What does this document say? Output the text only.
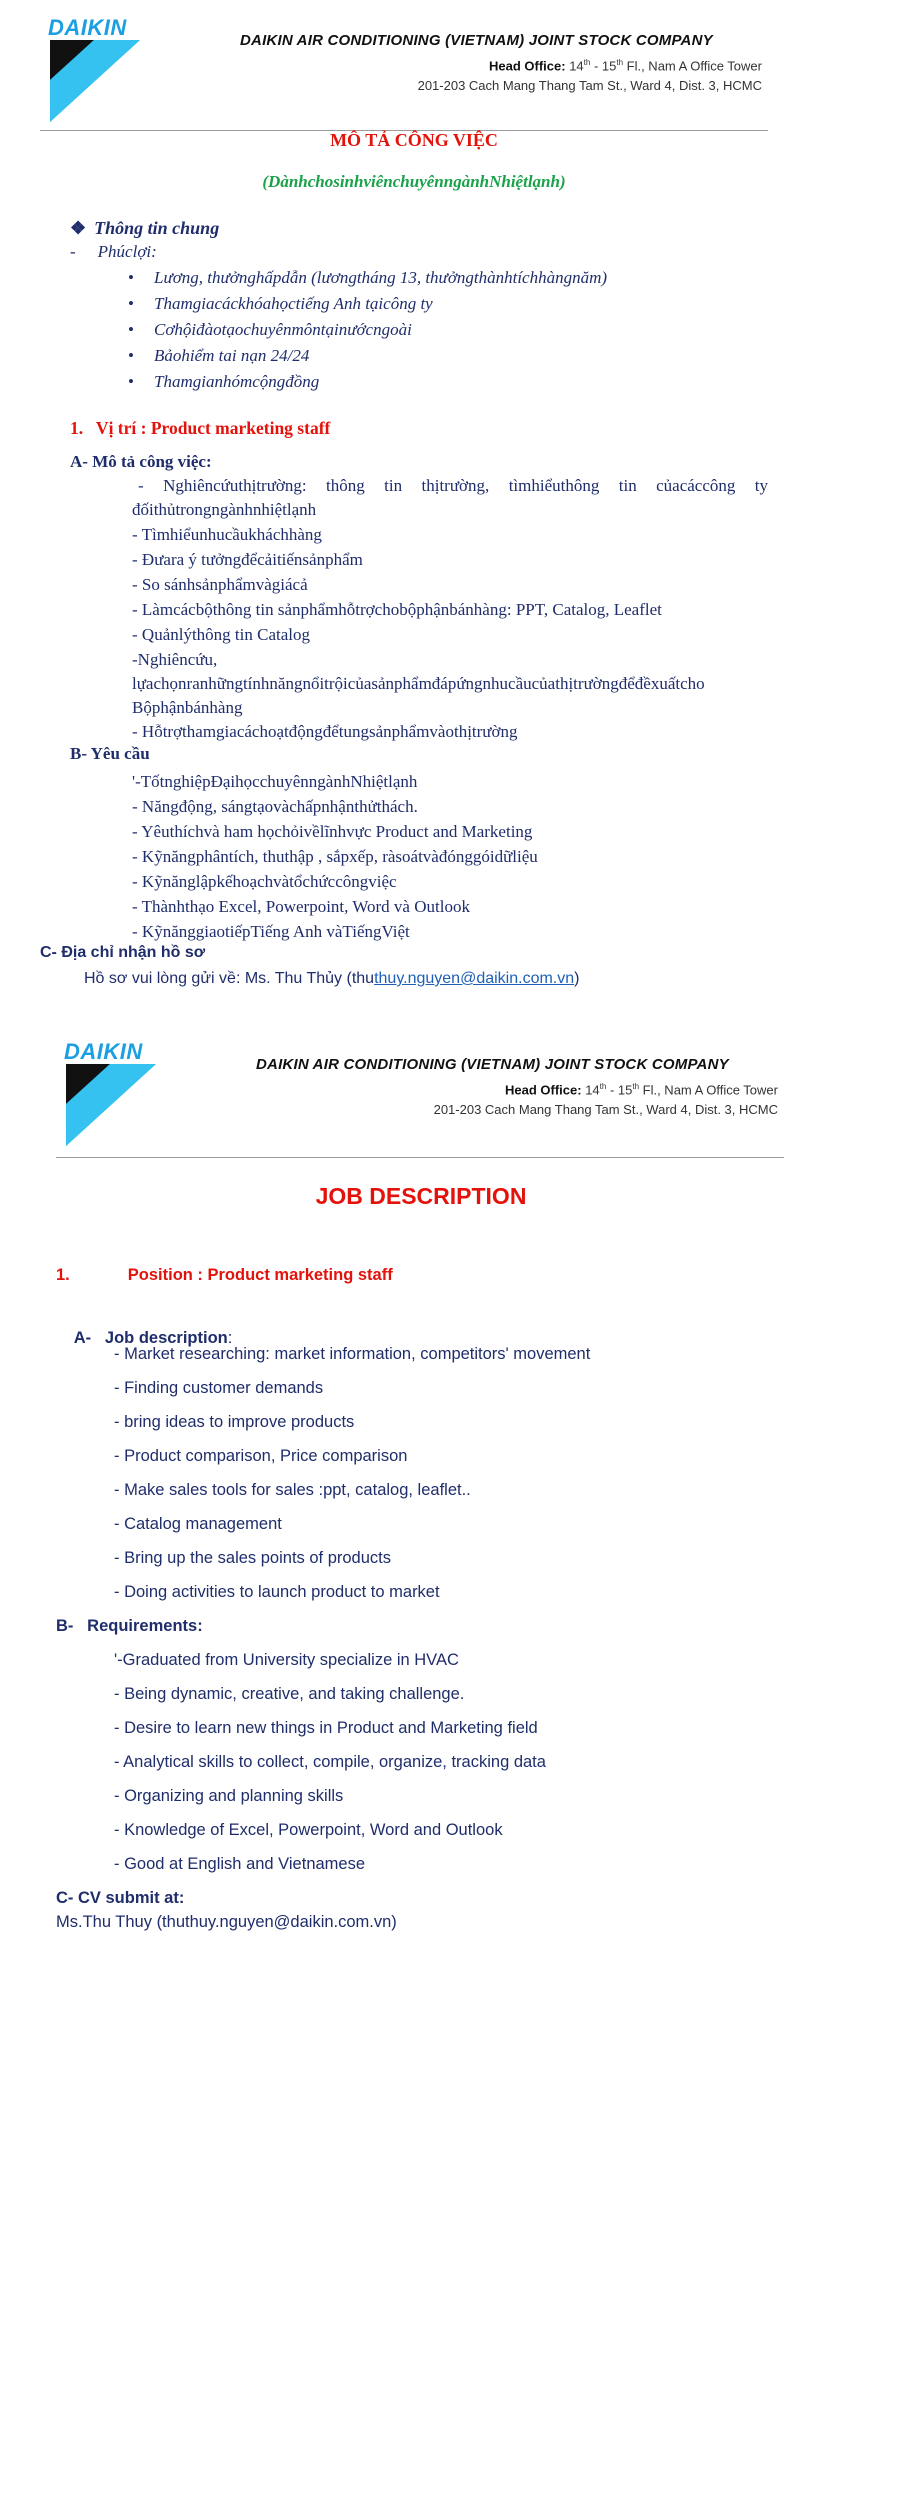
DAIKIN
DAIKIN AIR CONDITIONING (VIETNAM) JOINT STOCK COMPANY
Head Office: 14th - 15th Fl., Nam A Office Tower
201-203 Cach Mang Thang Tam St., Ward 4, Dist. 3, HCMC
MÔ TẢ CÔNG VIỆC
(DànhchosinhviênchuyênngànhNhiệtlạnh)
❖ Thông tin chung
- Phúclợi:
• Lương, thưởnghấpdẫn (lươngtháng 13, thưởngthànhtíchhàngnăm)
• Thamgiacáckhóahọctiếng Anh tạicông ty
• Cơhộiđàotạochuyênmôntạinướcngoài
• Bảohiểm tai nạn 24/24
• Thamgianhómcộngđồng
1.   Vị trí : Product marketing staff
A- Mô tả công việc:
- Nghiêncứuthịtrường: thông tin thịtrường, tìmhiểuthông tin củacáccông ty
đốithủtrongngànhnhiệtlạnh
- Tìmhiểunhucầukháchhàng
- Đưara ý tưởngđểcảitiếnsảnphẩm
- So sánhsảnphẩmvàgiácả
- Làmcácbộthông tin sảnphẩmhỗtrợchobộphậnbánhàng: PPT, Catalog, Leaflet
- Quảnlýthông tin Catalog
-Nghiêncứu,
lựachọnranhữngtínhnăngnổitrộicủasảnphẩmđápứngnhucầucủathịtrườngđểđềxuấtcho
Bộphậnbánhàng
- Hỗtrợthamgiacáchoạtđộngđểtungsảnphẩmvàothịtrường
B- Yêu cầu
'-TốtnghiệpĐạihọcchuyênngànhNhiệtlạnh
- Năngđộng, sángtạovàchấpnhậnthửthách.
- Yêuthíchvà ham họchỏivềlĩnhvực Product and Marketing
- Kỹnăngphântích, thuthập , sắpxếp, ràsoátvàđónggóidữliệu
- Kỹnănglậpkếhoạchvàtổchứccôngviệc
- Thànhthạo Excel, Powerpoint, Word và Outlook
- KỹnănggiaotiếpTiếng Anh vàTiếngViệt
C- Địa chỉ nhận hồ sơ
Hồ sơ vui lòng gửi về: Ms. Thu Thủy (thuthuy.nguyen@daikin.com.vn)
DAIKIN
DAIKIN AIR CONDITIONING (VIETNAM) JOINT STOCK COMPANY
Head Office: 14th - 15th Fl., Nam A Office Tower
201-203 Cach Mang Thang Tam St., Ward 4, Dist. 3, HCMC
JOB DESCRIPTION
1.	Position : Product marketing staff

A-   Job description:

- Market researching: market information, competitors' movement
- Finding customer demands
- bring ideas to improve products
- Product comparison, Price comparison
- Make sales tools for sales :ppt, catalog, leaflet..
- Catalog management
- Bring up the sales points of products
- Doing activities to launch product to market
B-   Requirements:
'-Graduated from University specialize in HVAC
- Being dynamic, creative, and taking challenge.
- Desire to learn new things in Product and Marketing field
- Analytical skills to collect, compile, organize, tracking data
- Organizing and planning skills
- Knowledge of Excel, Powerpoint, Word and Outlook
- Good at English and Vietnamese
C- CV submit at:
Ms.Thu Thuy (thuthuy.nguyen@daikin.com.vn)
